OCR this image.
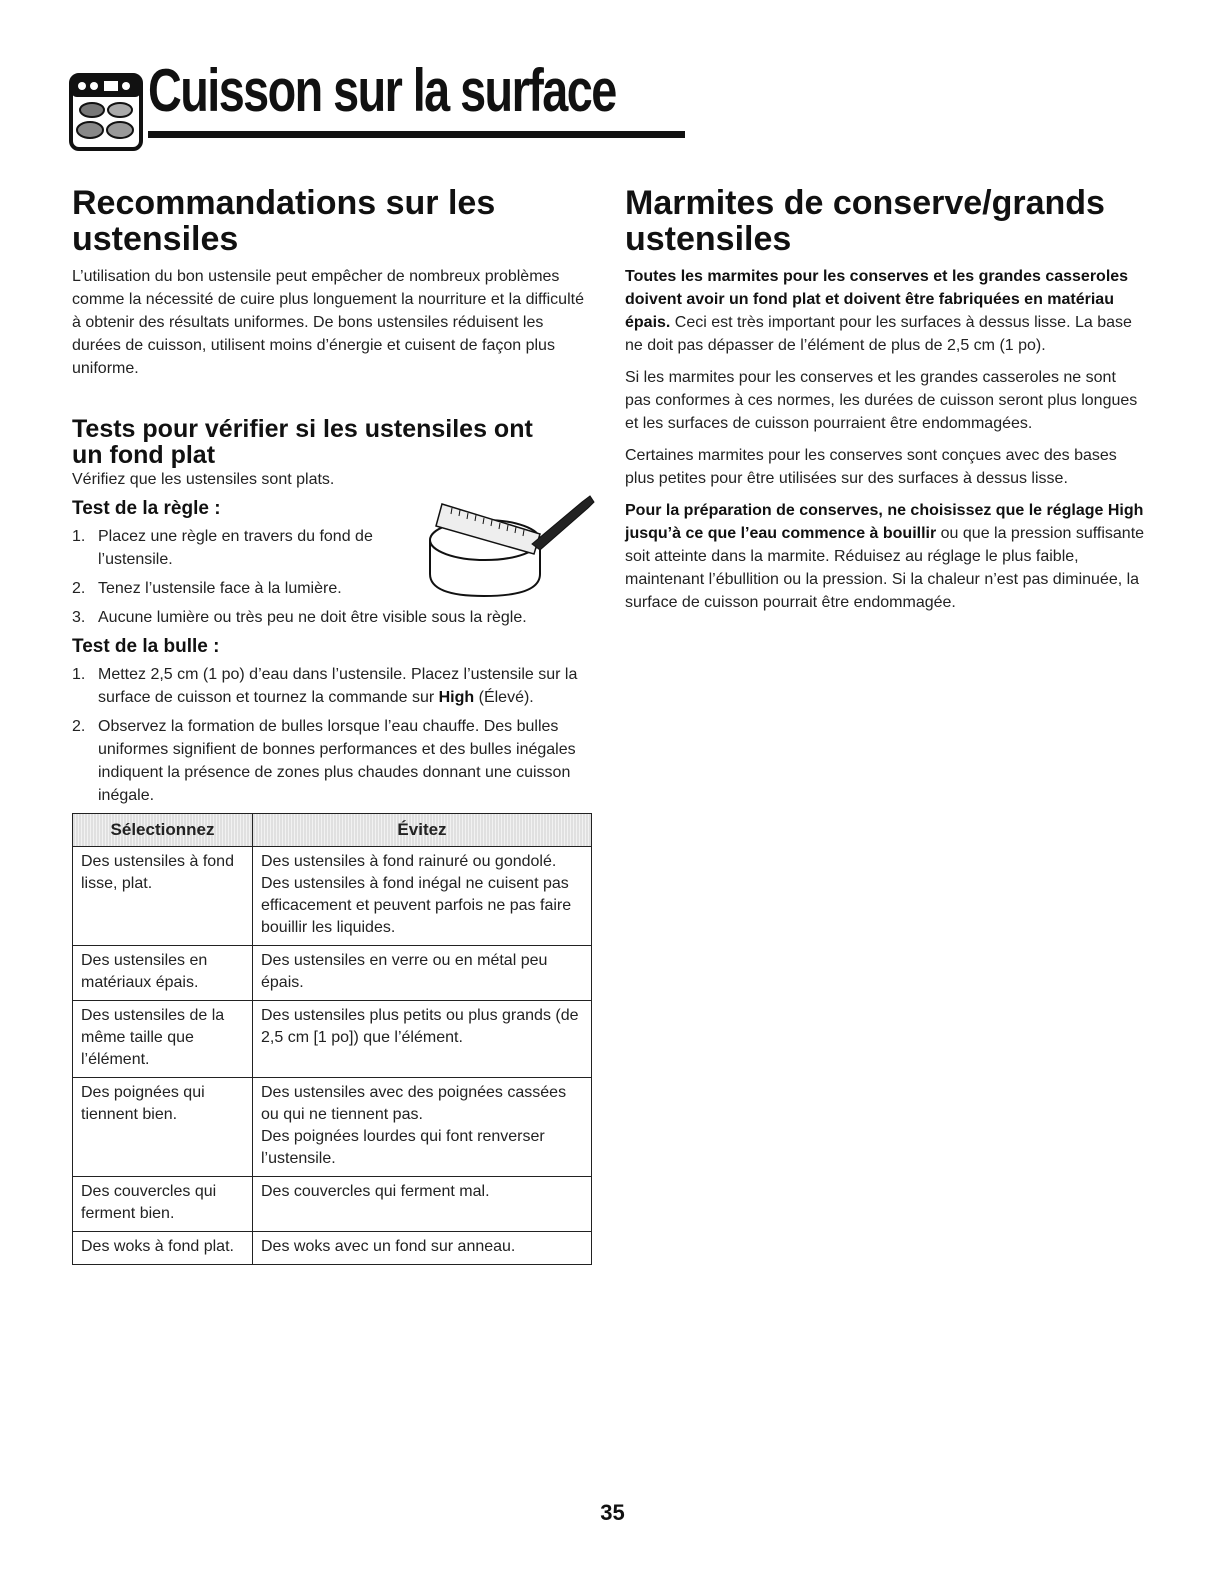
Cuisson sur la surface
Recommandations sur les ustensiles

L’utilisation du bon ustensile peut empêcher de nombreux problèmes comme la nécessité de cuire plus longuement la nourriture et la difficulté à obtenir des résultats uniformes. De bons ustensiles réduisent les durées de cuisson, utilisent moins d’énergie et cuisent de façon plus uniforme.

Tests pour vérifier si les ustensiles ont un fond plat

Vérifiez que les ustensiles sont plats.

Test de la règle :
1. Placez une règle en travers du fond de l’ustensile.
2. Tenez l’ustensile face à la lumière.
3. Aucune lumière ou très peu ne doit être visible sous la règle.
Test de la bulle :
1. Mettez 2,5 cm (1 po) d’eau dans l’ustensile. Placez l’ustensile sur la surface de cuisson et tournez la commande sur High (Élevé).
2. Observez la formation de bulles lorsque l’eau chauffe. Des bulles uniformes signifient de bonnes performances et des bulles inégales indiquent la présence de zones plus chaudes donnant une cuisson inégale.
Sélectionnez	Évitez

Des ustensiles à fond lisse, plat.	Des ustensiles à fond rainuré ou gondolé.
Des ustensiles à fond inégal ne cuisent pas efficacement et peuvent parfois ne pas faire bouillir les liquides.

Des ustensiles en matériaux épais.	Des ustensiles en verre ou en métal peu épais.

Des ustensiles de la même taille que l’élément.	Des ustensiles plus petits ou plus grands (de 2,5 cm [1 po]) que l’élément.

Des poignées qui tiennent bien.	Des ustensiles avec des poignées cassées ou qui ne tiennent pas.
Des poignées lourdes qui font renverser l’ustensile.

Des couvercles qui ferment bien.	Des couvercles qui ferment mal.

Des woks à fond plat.	Des woks avec un fond sur anneau.
Marmites de conserve/grands ustensiles

Toutes les marmites pour les conserves et les grandes casseroles doivent avoir un fond plat et doivent être fabriquées en matériau épais. Ceci est très important pour les surfaces à dessus lisse. La base ne doit pas dépasser de l’élément de plus de 2,5 cm (1 po).

Si les marmites pour les conserves et les grandes casseroles ne sont pas conformes à ces normes, les durées de cuisson seront plus longues et les surfaces de cuisson pourraient être endommagées.

Certaines marmites pour les conserves sont conçues avec des bases plus petites pour être utilisées sur des surfaces à dessus lisse.

Pour la préparation de conserves, ne choisissez que le réglage High jusqu’à ce que l’eau commence à bouillir ou que la pression suffisante soit atteinte dans la marmite. Réduisez au réglage le plus faible, maintenant l’ébullition ou la pression. Si la chaleur n’est pas diminuée, la surface de cuisson pourrait être endommagée.

35
